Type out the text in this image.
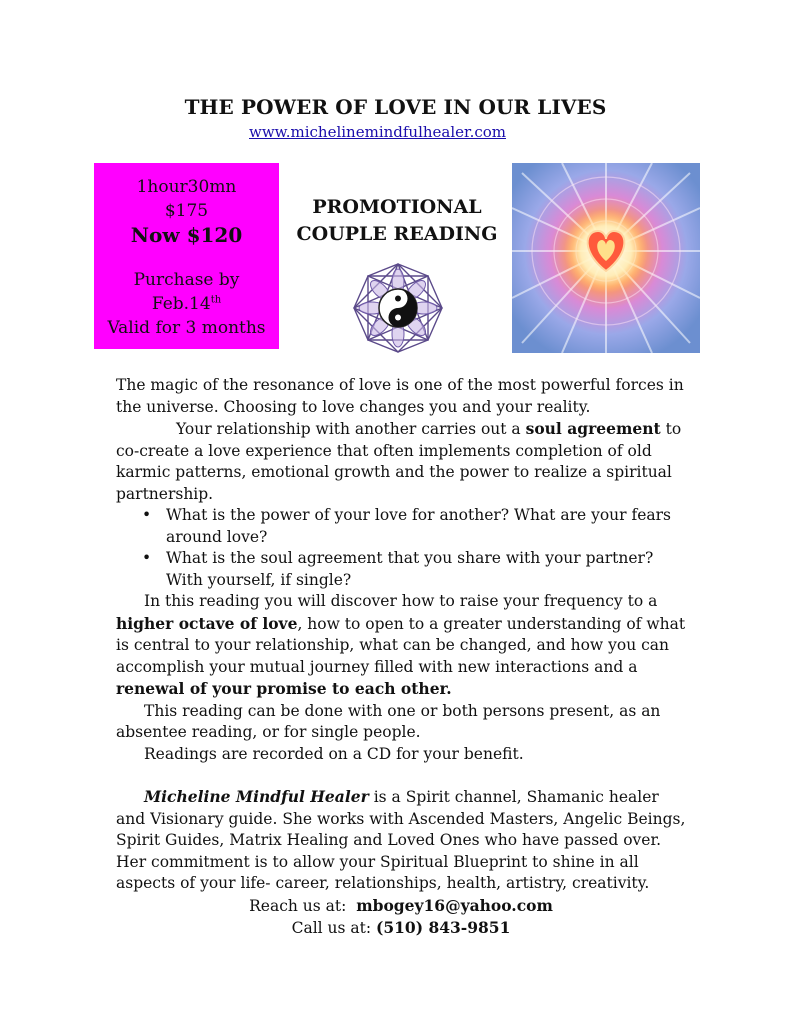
THE POWER OF LOVE IN OUR LIVES
www.michelinemindfulhealer.com
1hour30mn
$175
Now $120
Purchase by
Feb.14th
Valid for 3 months
PROMOTIONAL
COUPLE READING

The magic of the resonance of love is one of the most powerful forces in the universe. Choosing to love changes you and your reality.

Your relationship with another carries out a soul agreement to co-create a love experience that often implements completion of old karmic patterns, emotional growth and the power to realize a spiritual partnership.

• What is the power of your love for another? What are your fears around love?
• What is the soul agreement that you share with your partner? With yourself, if single?

In this reading you will discover how to raise your frequency to a higher octave of love, how to open to a greater understanding of what is central to your relationship, what can be changed, and how you can accomplish your mutual journey filled with new interactions and a renewal of your promise to each other.

This reading can be done with one or both persons present, as an absentee reading, or for single people.

Readings are recorded on a CD for your benefit.

Micheline Mindful Healer is a Spirit channel, Shamanic healer and Visionary guide. She works with Ascended Masters, Angelic Beings, Spirit Guides, Matrix Healing and Loved Ones who have passed over. Her commitment is to allow your Spiritual Blueprint to shine in all aspects of your life- career, relationships, health, artistry, creativity.

Reach us at: mbogey16@yahoo.com

Call us at: (510) 843-9851
